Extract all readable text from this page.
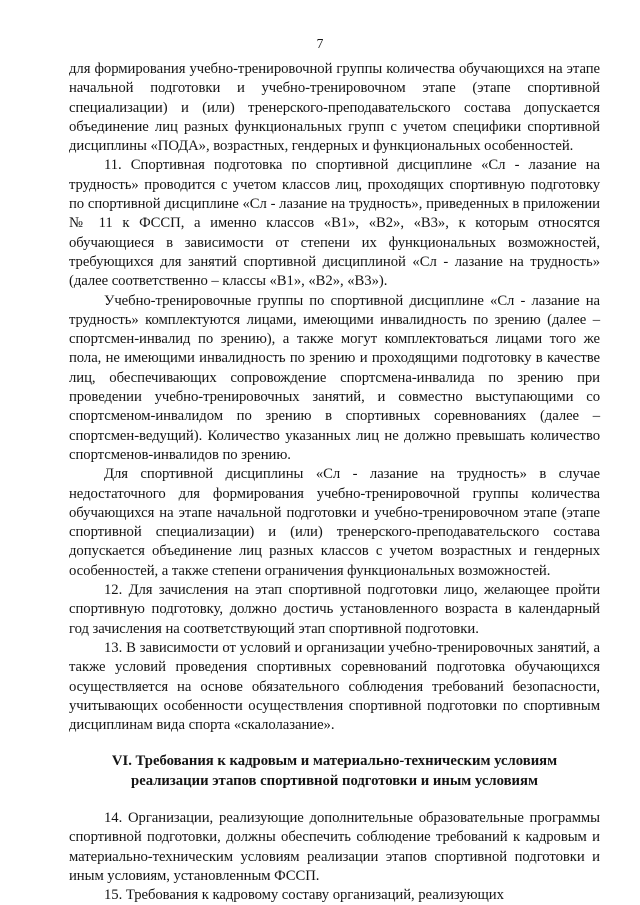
7

для формирования учебно-тренировочной группы количества обучающихся на этапе начальной подготовки и учебно-тренировочном этапе (этапе спортивной специализации) и (или) тренерского-преподавательского состава допускается объединение лиц разных функциональных групп с учетом специфики спортивной дисциплины «ПОДА», возрастных, гендерных и функциональных особенностей.

11. Спортивная подготовка по спортивной дисциплине «Сл - лазание на трудность» проводится с учетом классов лиц, проходящих спортивную подготовку по спортивной дисциплине «Сл - лазание на трудность», приведенных в приложении № 11 к ФССП, а именно классов «В1», «В2», «В3», к которым относятся обучающиеся в зависимости от степени их функциональных возможностей, требующихся для занятий спортивной дисциплиной «Сл - лазание на трудность» (далее соответственно – классы «В1», «В2», «В3»).

Учебно-тренировочные группы по спортивной дисциплине «Сл - лазание на трудность» комплектуются лицами, имеющими инвалидность по зрению (далее – спортсмен-инвалид по зрению), а также могут комплектоваться лицами того же пола, не имеющими инвалидность по зрению и проходящими подготовку в качестве лиц, обеспечивающих сопровождение спортсмена-инвалида по зрению при проведении учебно-тренировочных занятий, и совместно выступающими со спортсменом-инвалидом по зрению в спортивных соревнованиях (далее – спортсмен-ведущий). Количество указанных лиц не должно превышать количество спортсменов-инвалидов по зрению.

Для спортивной дисциплины «Сл - лазание на трудность» в случае недостаточного для формирования учебно-тренировочной группы количества обучающихся на этапе начальной подготовки и учебно-тренировочном этапе (этапе спортивной специализации) и (или) тренерского-преподавательского состава допускается объединение лиц разных классов с учетом возрастных и гендерных особенностей, а также степени ограничения функциональных возможностей.

12. Для зачисления на этап спортивной подготовки лицо, желающее пройти спортивную подготовку, должно достичь установленного возраста в календарный год зачисления на соответствующий этап спортивной подготовки.

13. В зависимости от условий и организации учебно-тренировочных занятий, а также условий проведения спортивных соревнований подготовка обучающихся осуществляется на основе обязательного соблюдения требований безопасности, учитывающих особенности осуществления спортивной подготовки по спортивным дисциплинам вида спорта «скалолазание».

VI. Требования к кадровым и материально-техническим условиям
реализации этапов спортивной подготовки и иным условиям

14. Организации, реализующие дополнительные образовательные программы спортивной подготовки, должны обеспечить соблюдение требований к кадровым и материально-техническим условиям реализации этапов спортивной подготовки и иным условиям, установленным ФССП.

15. Требования к кадровому составу организаций, реализующих
